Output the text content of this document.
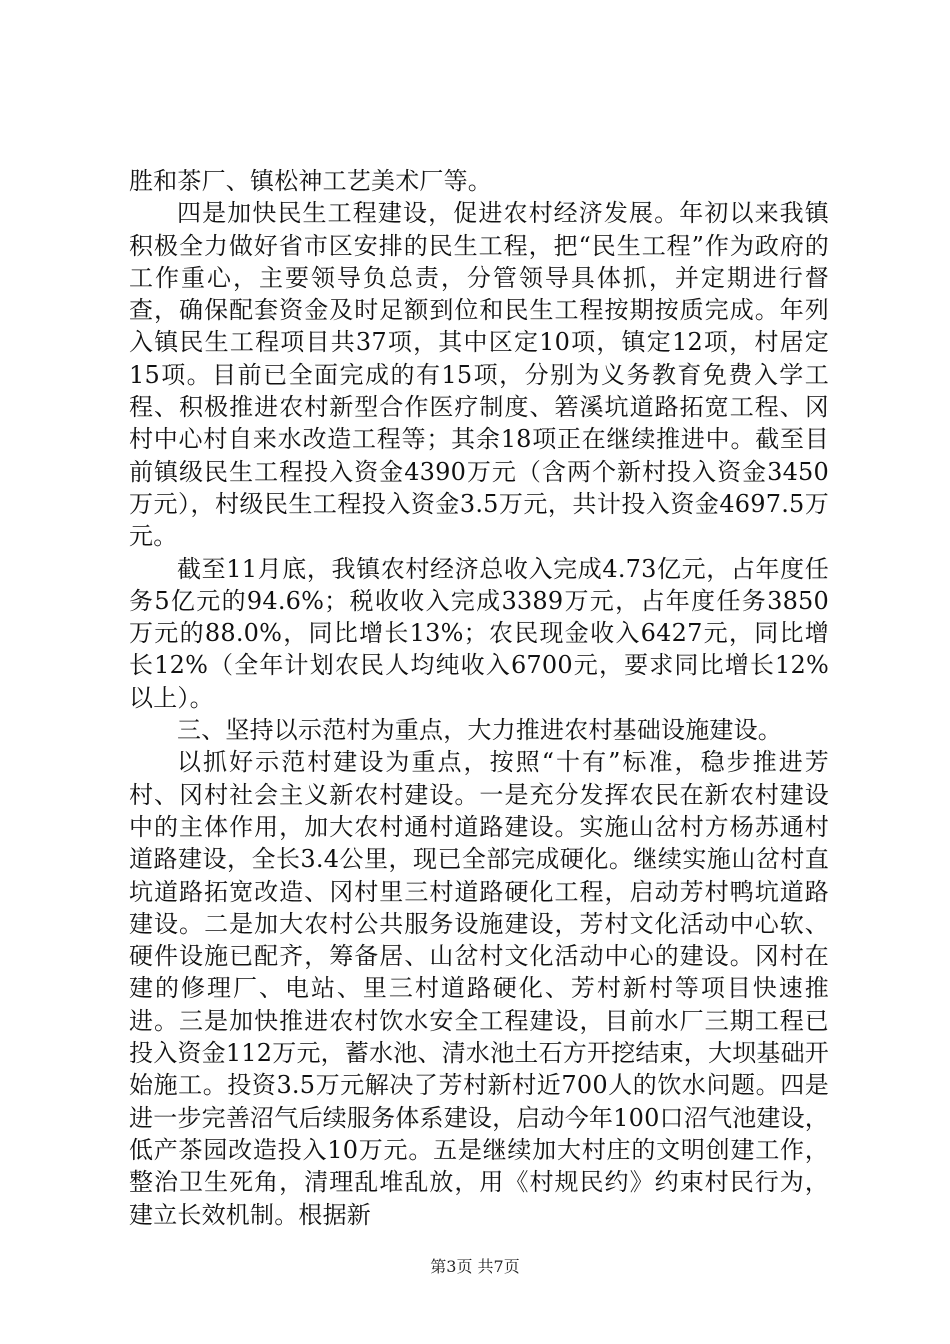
胜和茶厂、镇松神工艺美术厂等。

四是加快民生工程建设，促进农村经济发展。年初以来我镇积极全力做好省市区安排的民生工程，把“民生工程”作为政府的工作重心，主要领导负总责，分管领导具体抓，并定期进行督查，确保配套资金及时足额到位和民生工程按期按质完成。年列入镇民生工程项目共37项，其中区定10项，镇定12项，村居定15项。目前已全面完成的有15项，分别为义务教育免费入学工程、积极推进农村新型合作医疗制度、箬溪坑道路拓宽工程、冈村中心村自来水改造工程等；其余18项正在继续推进中。截至目前镇级民生工程投入资金4390万元（含两个新村投入资金3450万元），村级民生工程投入资金3.5万元，共计投入资金4697.5万元。

截至11月底，我镇农村经济总收入完成4.73亿元，占年度任务5亿元的94.6%；税收收入完成3389万元，占年度任务3850万元的88.0%，同比增长13%；农民现金收入6427元，同比增长12%（全年计划农民人均纯收入6700元，要求同比增长12%以上）。

三、坚持以示范村为重点，大力推进农村基础设施建设。

以抓好示范村建设为重点，按照“十有”标准，稳步推进芳村、冈村社会主义新农村建设。一是充分发挥农民在新农村建设中的主体作用，加大农村通村道路建设。实施山岔村方杨苏通村道路建设，全长3.4公里，现已全部完成硬化。继续实施山岔村直坑道路拓宽改造、冈村里三村道路硬化工程，启动芳村鸭坑道路建设。二是加大农村公共服务设施建设，芳村文化活动中心软、硬件设施已配齐，筹备居、山岔村文化活动中心的建设。冈村在建的修理厂、电站、里三村道路硬化、芳村新村等项目快速推进。三是加快推进农村饮水安全工程建设，目前水厂三期工程已投入资金112万元，蓄水池、清水池土石方开挖结束，大坝基础开始施工。投资3.5万元解决了芳村新村近700人的饮水问题。四是进一步完善沼气后续服务体系建设，启动今年100口沼气池建设，低产茶园改造投入10万元。五是继续加大村庄的文明创建工作，整治卫生死角，清理乱堆乱放，用《村规民约》约束村民行为，建立长效机制。根据新

第3页 共7页
